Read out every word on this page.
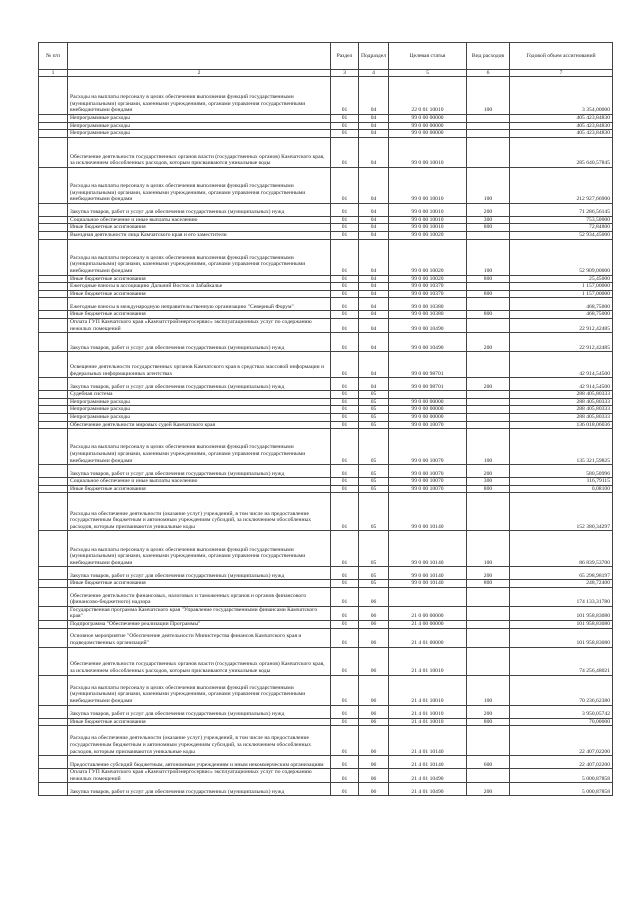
№ п/п		Раздел	Подраздел	Целевая статья	Вид расходов	Годовой объем ассигнований
1	2	3	4	5	6	7
	Расходы на выплаты персоналу в целях обеспечения выполнения функций государственными (муниципальными) органами, казенными учреждениями, органами управления государственными внебюджетными фондами	01	04	22 0 01 10010	100	3 354,00000
	Непрограммные расходы	01	04	99 0 00 00000		405 423,84830
	Непрограммные расходы	01	04	99 0 00 00000		405 423,84830
	Непрограммные расходы	01	04	99 0 00 00000		405 423,84830
	Обеспечение деятельности государственных органов власти (государственных органов) Камчатского края, за исключением обособленных расходов, которым присваиваются уникальные коды	01	04	99 0 00 10010		285 640,57845
	Расходы на выплаты персоналу в целях обеспечения выполнения функций государственными (муниципальными) органами, казенными учреждениями, органами управления государственными внебюджетными фондами	01	04	99 0 00 10010	100	212 927,66900
	Закупка товаров, работ и услуг для обеспечения государственных (муниципальных) нужд	01	04	99 0 00 10010	200	71 286,56145
	Социальное обеспечение и иные выплаты населению	01	04	99 0 00 10010	300	753,50000
	Иные бюджетные ассигнования	01	04	99 0 00 10010	800	72,84800
	Выездная деятельности лица Камчатского края и его заместители	01	04	99 0 00 10020		52 934,45000
	Расходы на выплаты персоналу в целях обеспечения выполнения функций государственными (муниципальными) органами, казенными учреждениями, органами управления государственными внебюджетными фондами	01	04	99 0 00 10020	100	52 909,00000
	Иные бюджетные ассигнования	01	04	99 0 00 10020	800	25,45000
	Ежегодные взносы в ассоциацию Дальний Восток и Забайкалье	01	04	99 0 00 10370		1 157,00000
	Иные бюджетные ассигнования	01	04	99 0 00 10370	800	1 157,00000
	Ежегодные взносы в международную неправительственную организацию "Северный Форум"	01	04	99 0 00 10380		468,75000
	Иные бюджетные ассигнования	01	04	99 0 00 10380	800	468,75000
	Оплата ГУП Камчатского края «Камчатстройэнергосервис» эксплуатационных услуг по содержанию нежилых помещений	01	04	99 0 00 10490		22 912,42485
	Закупка товаров, работ и услуг для обеспечения государственных (муниципальных) нужд	01	04	99 0 00 10490	200	22 912,42485
	Освещение деятельности государственных органов Камчатского края в средствах массовой информации и федеральных информационных агентствах	01	04	99 0 00 98701		42 914,54500
	Закупка товаров, работ и услуг для обеспечения государственных (муниципальных) нужд	01	04	99 0 00 98701	200	42 914,54500
	Судебная система	01	05			288 405,80333
	Непрограммные расходы	01	05	99 0 00 00000		288 405,80333
	Непрограммные расходы	01	05	99 0 00 00000		288 405,80333
	Непрограммные расходы	01	05	99 0 00 00000		288 405,80333
	Обеспечение деятельности мировых судей Камчатского края	01	05	99 0 00 10070		136 018,06036
	Расходы на выплаты персоналу в целях обеспечения выполнения функций государственными (муниципальными) органами, казенными учреждениями, органами управления государственными внебюджетными фондами	01	05	99 0 00 10070	100	135 321,59825
	Закупка товаров, работ и услуг для обеспечения государственных (муниципальных) нужд	01	05	99 0 00 10070	200	580,50996
	Социальное обеспечение и иные выплаты населению	01	05	99 0 00 10070	300	116,79115
	Иные бюджетные ассигнования	01	05	99 0 00 10070	800	0,08100
	Расходы на обеспечение деятельности (оказание услуг) учреждений, в том числе на предоставление государственным бюджетным и автономным учреждениям субсидий, за исключением обособленных расходов, которым присваиваются уникальные коды	01	05	99 0 00 10140		152 380,34297
	Расходы на выплаты персоналу в целях обеспечения выполнения функций государственными (муниципальными) органами, казенными учреждениями, органами управления государственными внебюджетными фондами	01	05	99 0 00 10140	100	86 839,53700
	Закупка товаров, работ и услуг для обеспечения государственных (муниципальных) нужд	01	05	99 0 00 10140	200	65 298,98197
	Иные бюджетные ассигнования	01	05	99 0 00 10140	800	248,72400
	Обеспечение деятельности финансовых, налоговых и таможенных органов и органов финансового (финансово-бюджетного) надзора	01	06			174 133,31780
	Государственная программа Камчатского края "Управление государственными финансами Камчатского края"	01	06	21 0 00 00000		101 958,83080
	Подпрограмма "Обеспечение реализации Программы"	01	06	21 4 00 00000		101 958,83080
	Основное мероприятие "Обеспечение деятельности Министерства финансов Камчатского края и подведомственных организаций"	01	06	21 4 01 00000		101 958,83080
	Обеспечение деятельности государственных органов власти (государственных органов) Камчатского края, за исключением обособленных расходов, которым присваиваются уникальные коды	01	06	21 4 01 10010		74 256,48021
	Расходы на выплаты персоналу в целях обеспечения выполнения функций государственными (муниципальными) органами, казенными учреждениями, органами управления государственными внебюджетными фондами	01	06	21 4 01 10010	100	70 236,62380
	Закупка товаров, работ и услуг для обеспечения государственных (муниципальных) нужд	01	06	21 4 01 10010	200	3 950,05742
	Иные бюджетные ассигнования	01	06	21 4 01 10010	800	70,00000
	Расходы на обеспечение деятельности (оказание услуг) учреждений, в том числе на предоставление государственным бюджетным и автономным учреждениям субсидий, за исключением обособленных расходов, которым присваиваются уникальные коды	01	06	21 4 01 10140		22 407,02200
	Предоставление субсидий бюджетным, автономным учреждениям и иным некоммерческим организациям	01	06	21 4 01 10140	600	22 407,02200
	Оплата ГУП Камчатского края «Камчатстройэнергосервис» эксплуатационных услуг по содержанию нежилых помещений	01	06	21 4 01 10490		5 000,87858
	Закупка товаров, работ и услуг для обеспечения государственных (муниципальных) нужд	01	06	21 4 01 10490	200	5 000,87858
